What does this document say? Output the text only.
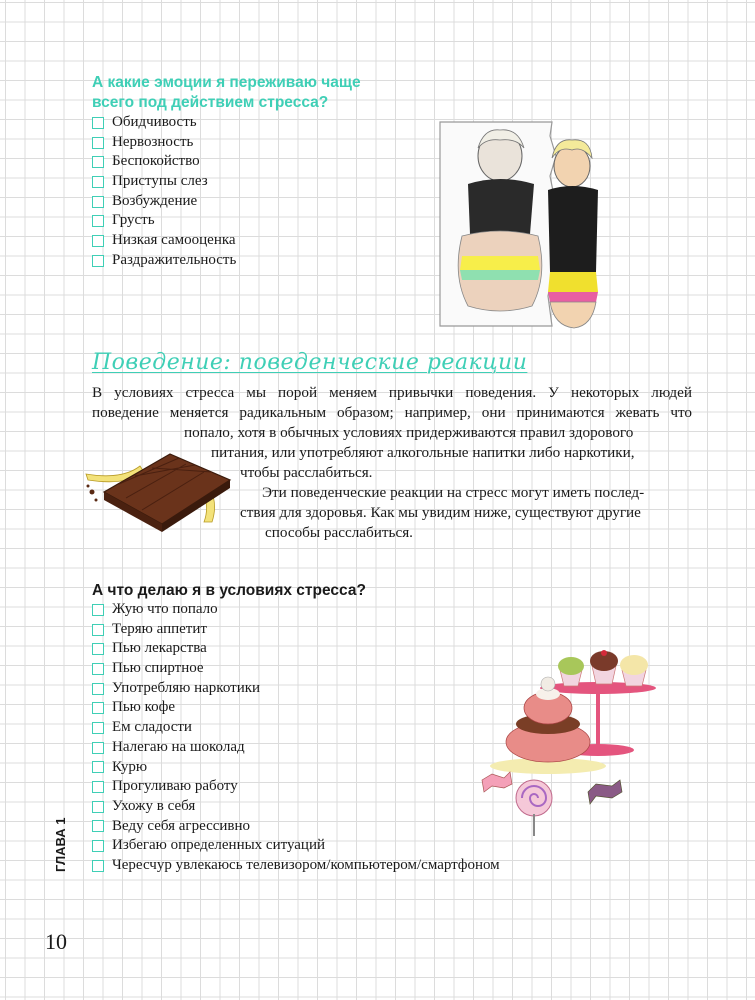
А какие эмоции я переживаю чаще
всего под действием стресса?
Обидчивость
Нервозность
Беспокойство
Приступы слез
Возбуждение
Грусть
Низкая самооценка
Раздражительность
Поведение: поведенческие реакции

В условиях стресса мы порой меняем привычки поведения. У некоторых людей

поведение меняется радикальным образом; например, они принимаются жевать что

попало, хотя в обычных условиях придерживаются правил здорового

питания, или употребляют алкогольные напитки либо наркотики,

чтобы расслабиться.

Эти поведенческие реакции на стресс могут иметь послед-

ствия для здоровья. Как мы увидим ниже, существуют другие

способы расслабиться.

А что делаю я в условиях стресса?
Жую что попало
Теряю аппетит
Пью лекарства
Пью спиртное
Употребляю наркотики
Пью кофе
Ем сладости
Налегаю на шоколад
Курю
Прогуливаю работу
Ухожу в себя
Веду себя агрессивно
Избегаю определенных ситуаций
Чересчур увлекаюсь телевизором/компьютером/смартфоном
ГЛАВА 1
10
